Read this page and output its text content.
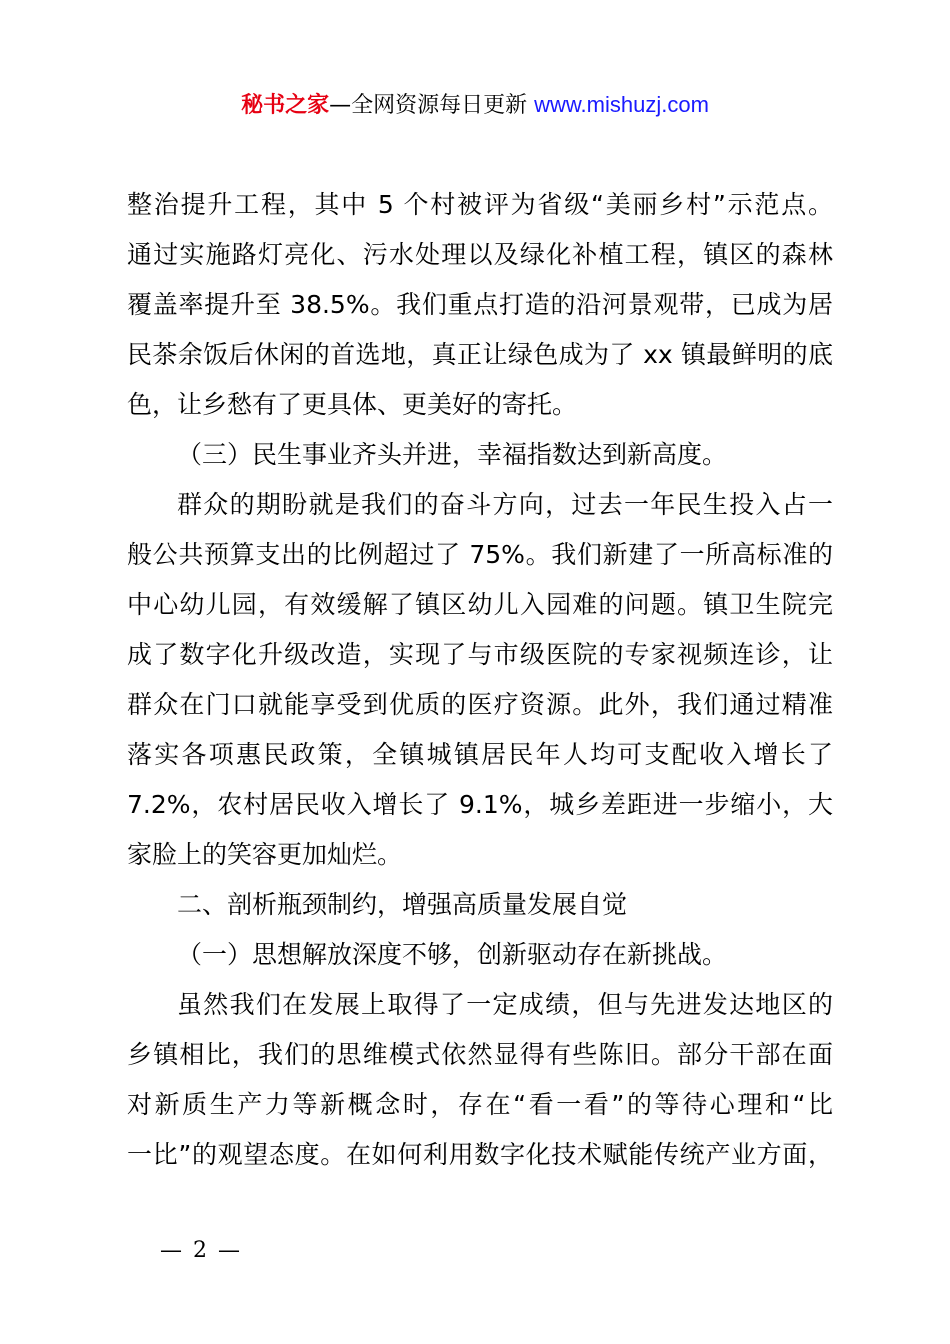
秘书之家—全网资源每日更新 www.mishuzj.com
整治提升工程，其中 5 个村被评为省级“美丽乡村”示范点。
通过实施路灯亮化、污水处理以及绿化补植工程，镇区的森林
覆盖率提升至 38.5%。我们重点打造的沿河景观带，已成为居
民茶余饭后休闲的首选地，真正让绿色成为了 xx 镇最鲜明的底
色，让乡愁有了更具体、更美好的寄托。
（三）民生事业齐头并进，幸福指数达到新高度。
群众的期盼就是我们的奋斗方向，过去一年民生投入占一
般公共预算支出的比例超过了 75%。我们新建了一所高标准的
中心幼儿园，有效缓解了镇区幼儿入园难的问题。镇卫生院完
成了数字化升级改造，实现了与市级医院的专家视频连诊，让
群众在门口就能享受到优质的医疗资源。此外，我们通过精准
落实各项惠民政策，全镇城镇居民年人均可支配收入增长了
7.2%，农村居民收入增长了 9.1%，城乡差距进一步缩小，大
家脸上的笑容更加灿烂。
二、剖析瓶颈制约，增强高质量发展自觉
（一）思想解放深度不够，创新驱动存在新挑战。
虽然我们在发展上取得了一定成绩，但与先进发达地区的
乡镇相比，我们的思维模式依然显得有些陈旧。部分干部在面
对新质生产力等新概念时，存在“看一看”的等待心理和“比
一比”的观望态度。在如何利用数字化技术赋能传统产业方面，
— 2 —
